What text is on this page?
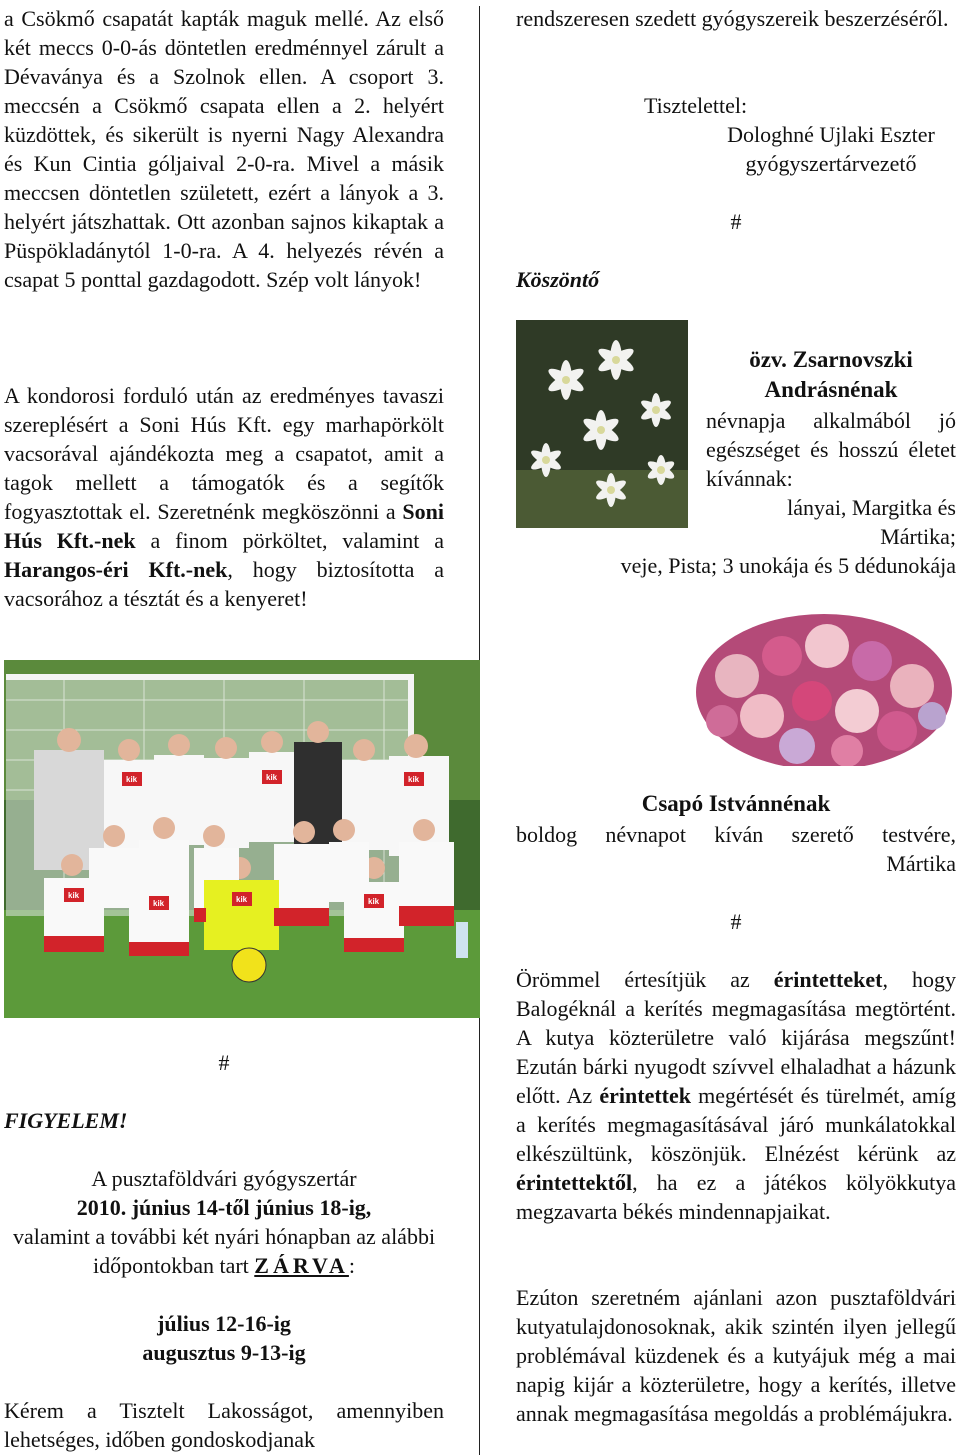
a Csökmő csapatát kapták maguk mellé. Az első két meccs 0-0-ás döntetlen eredménnyel zárult a Dévaványa és a Szolnok ellen. A csoport 3. meccsén a Csökmő csapata ellen a 2. helyért küzdöttek, és sikerült is nyerni Nagy Alexandra és Kun Cintia góljaival 2-0-ra. Mivel a másik meccsen döntetlen született, ezért a lányok a 3. helyért játszhattak. Ott azonban sajnos kikaptak a Püspökladánytól 1-0-ra. A 4. helyezés révén a csapat 5 ponttal gazdagodott. Szép volt lányok!

A kondorosi forduló után az eredményes tavaszi szereplésért a Soni Hús Kft. egy marhapörkölt vacsorával ajándékozta meg a csapatot, amit a tagok mellett a támogatók és a segítők fogyasztottak el. Szeretnénk megköszönni a Soni Hús Kft.-nek a finom pörköltet, valamint a Harangos-éri Kft.-nek, hogy biztosította a vacsorához a tésztát és a kenyeret!

kik
kik	kik	kik
kik
kik
kik

#

FIGYELEM!

A pusztaföldvári gyógyszertár

2010. június 14-től június 18-ig,

valamint a további két nyári hónapban az alábbi időpontokban tart ZÁRVA:

július 12-16-ig

augusztus 9-13-ig

Kérem a Tisztelt Lakosságot, amennyiben lehetséges, időben gondoskodjanak

rendszeresen szedett gyógyszereik beszerzéséről.

Tisztelettel:

Dologhné Ujlaki Eszter

gyógyszertárvezető

#

Köszöntő

özv. Zsarnovszki

Andrásnénak

névnapja alkalmából jó egészséget és hosszú életet kívánnak:

lányai, Margitka és Mártika;

veje, Pista; 3 unokája és 5 dédunokája

Csapó Istvánnénak

boldog névnapot kíván szerető testvére,

Mártika

#

Örömmel értesítjük az érintetteket, hogy Balogéknál a kerítés megmagasítása megtörtént. A kutya közterületre való kijárása megszűnt! Ezután bárki nyugodt szívvel elhaladhat a házunk előtt. Az érintettek megértését és türelmét, amíg a kerítés megmagasításával járó munkálatokkal elkészültünk, köszönjük. Elnézést kérünk az érintettektől, ha ez a játékos kölyökkutya megzavarta békés mindennapjaikat.

Ezúton szeretném ajánlani azon pusztaföldvári kutyatulajdonosoknak, akik szintén ilyen jellegű problémával küzdenek és a kutyájuk még a mai napig kijár a közterületre, hogy a kerítés, illetve annak megmagasítása megoldás a problémájukra.
